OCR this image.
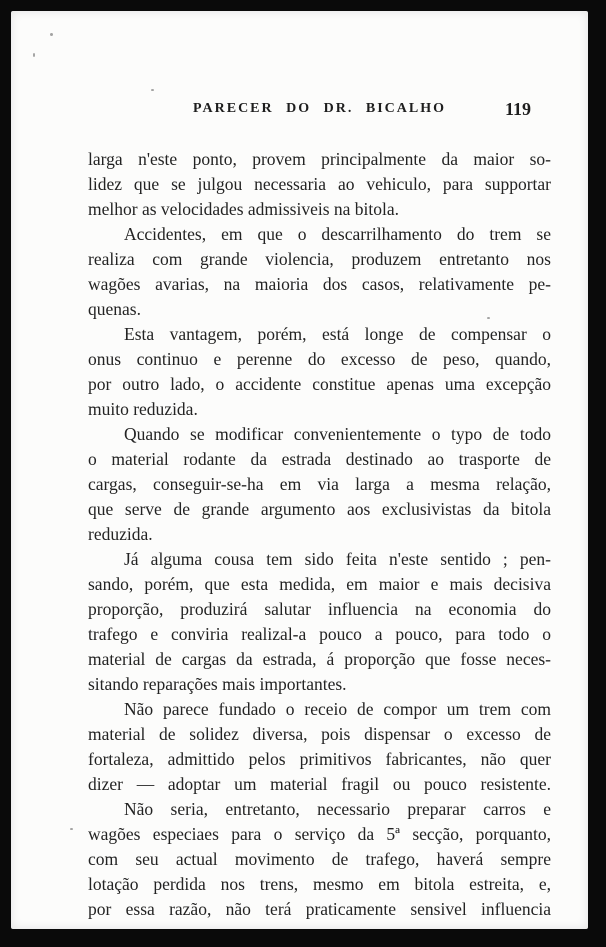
PARECER DO DR. BICALHO	119
larga n'este ponto, provem principalmente da maior so-
lidez que se julgou necessaria ao vehiculo, para supportar
melhor as velocidades admissiveis na bitola.
Accidentes, em que o descarrilhamento do trem se
realiza com grande violencia, produzem entretanto nos
wagões avarias, na maioria dos casos, relativamente pe-
quenas.
Esta vantagem, porém, está longe de compensar o
onus continuo e perenne do excesso de peso, quando,
por outro lado, o accidente constitue apenas uma excepção
muito reduzida.
Quando se modificar convenientemente o typo de todo
o material rodante da estrada destinado ao trasporte de
cargas, conseguir-se-ha em via larga a mesma relação,
que serve de grande argumento aos exclusivistas da bitola
reduzida.
Já alguma cousa tem sido feita n'este sentido ; pen-
sando, porém, que esta medida, em maior e mais decisiva
proporção, produzirá salutar influencia na economia do
trafego e conviria realizal-a pouco a pouco, para todo o
material de cargas da estrada, á proporção que fosse neces-
sitando reparações mais importantes.
Não parece fundado o receio de compor um trem com
material de solidez diversa, pois dispensar o excesso de
fortaleza, admittido pelos primitivos fabricantes, não quer
dizer — adoptar um material fragil ou pouco resistente.
Não seria, entretanto, necessario preparar carros e
wagões especiaes para o serviço da 5ª secção, porquanto,
com seu actual movimento de trafego, haverá sempre
lotação perdida nos trens, mesmo em bitola estreita, e,
por essa razão, não terá praticamente sensivel influencia
